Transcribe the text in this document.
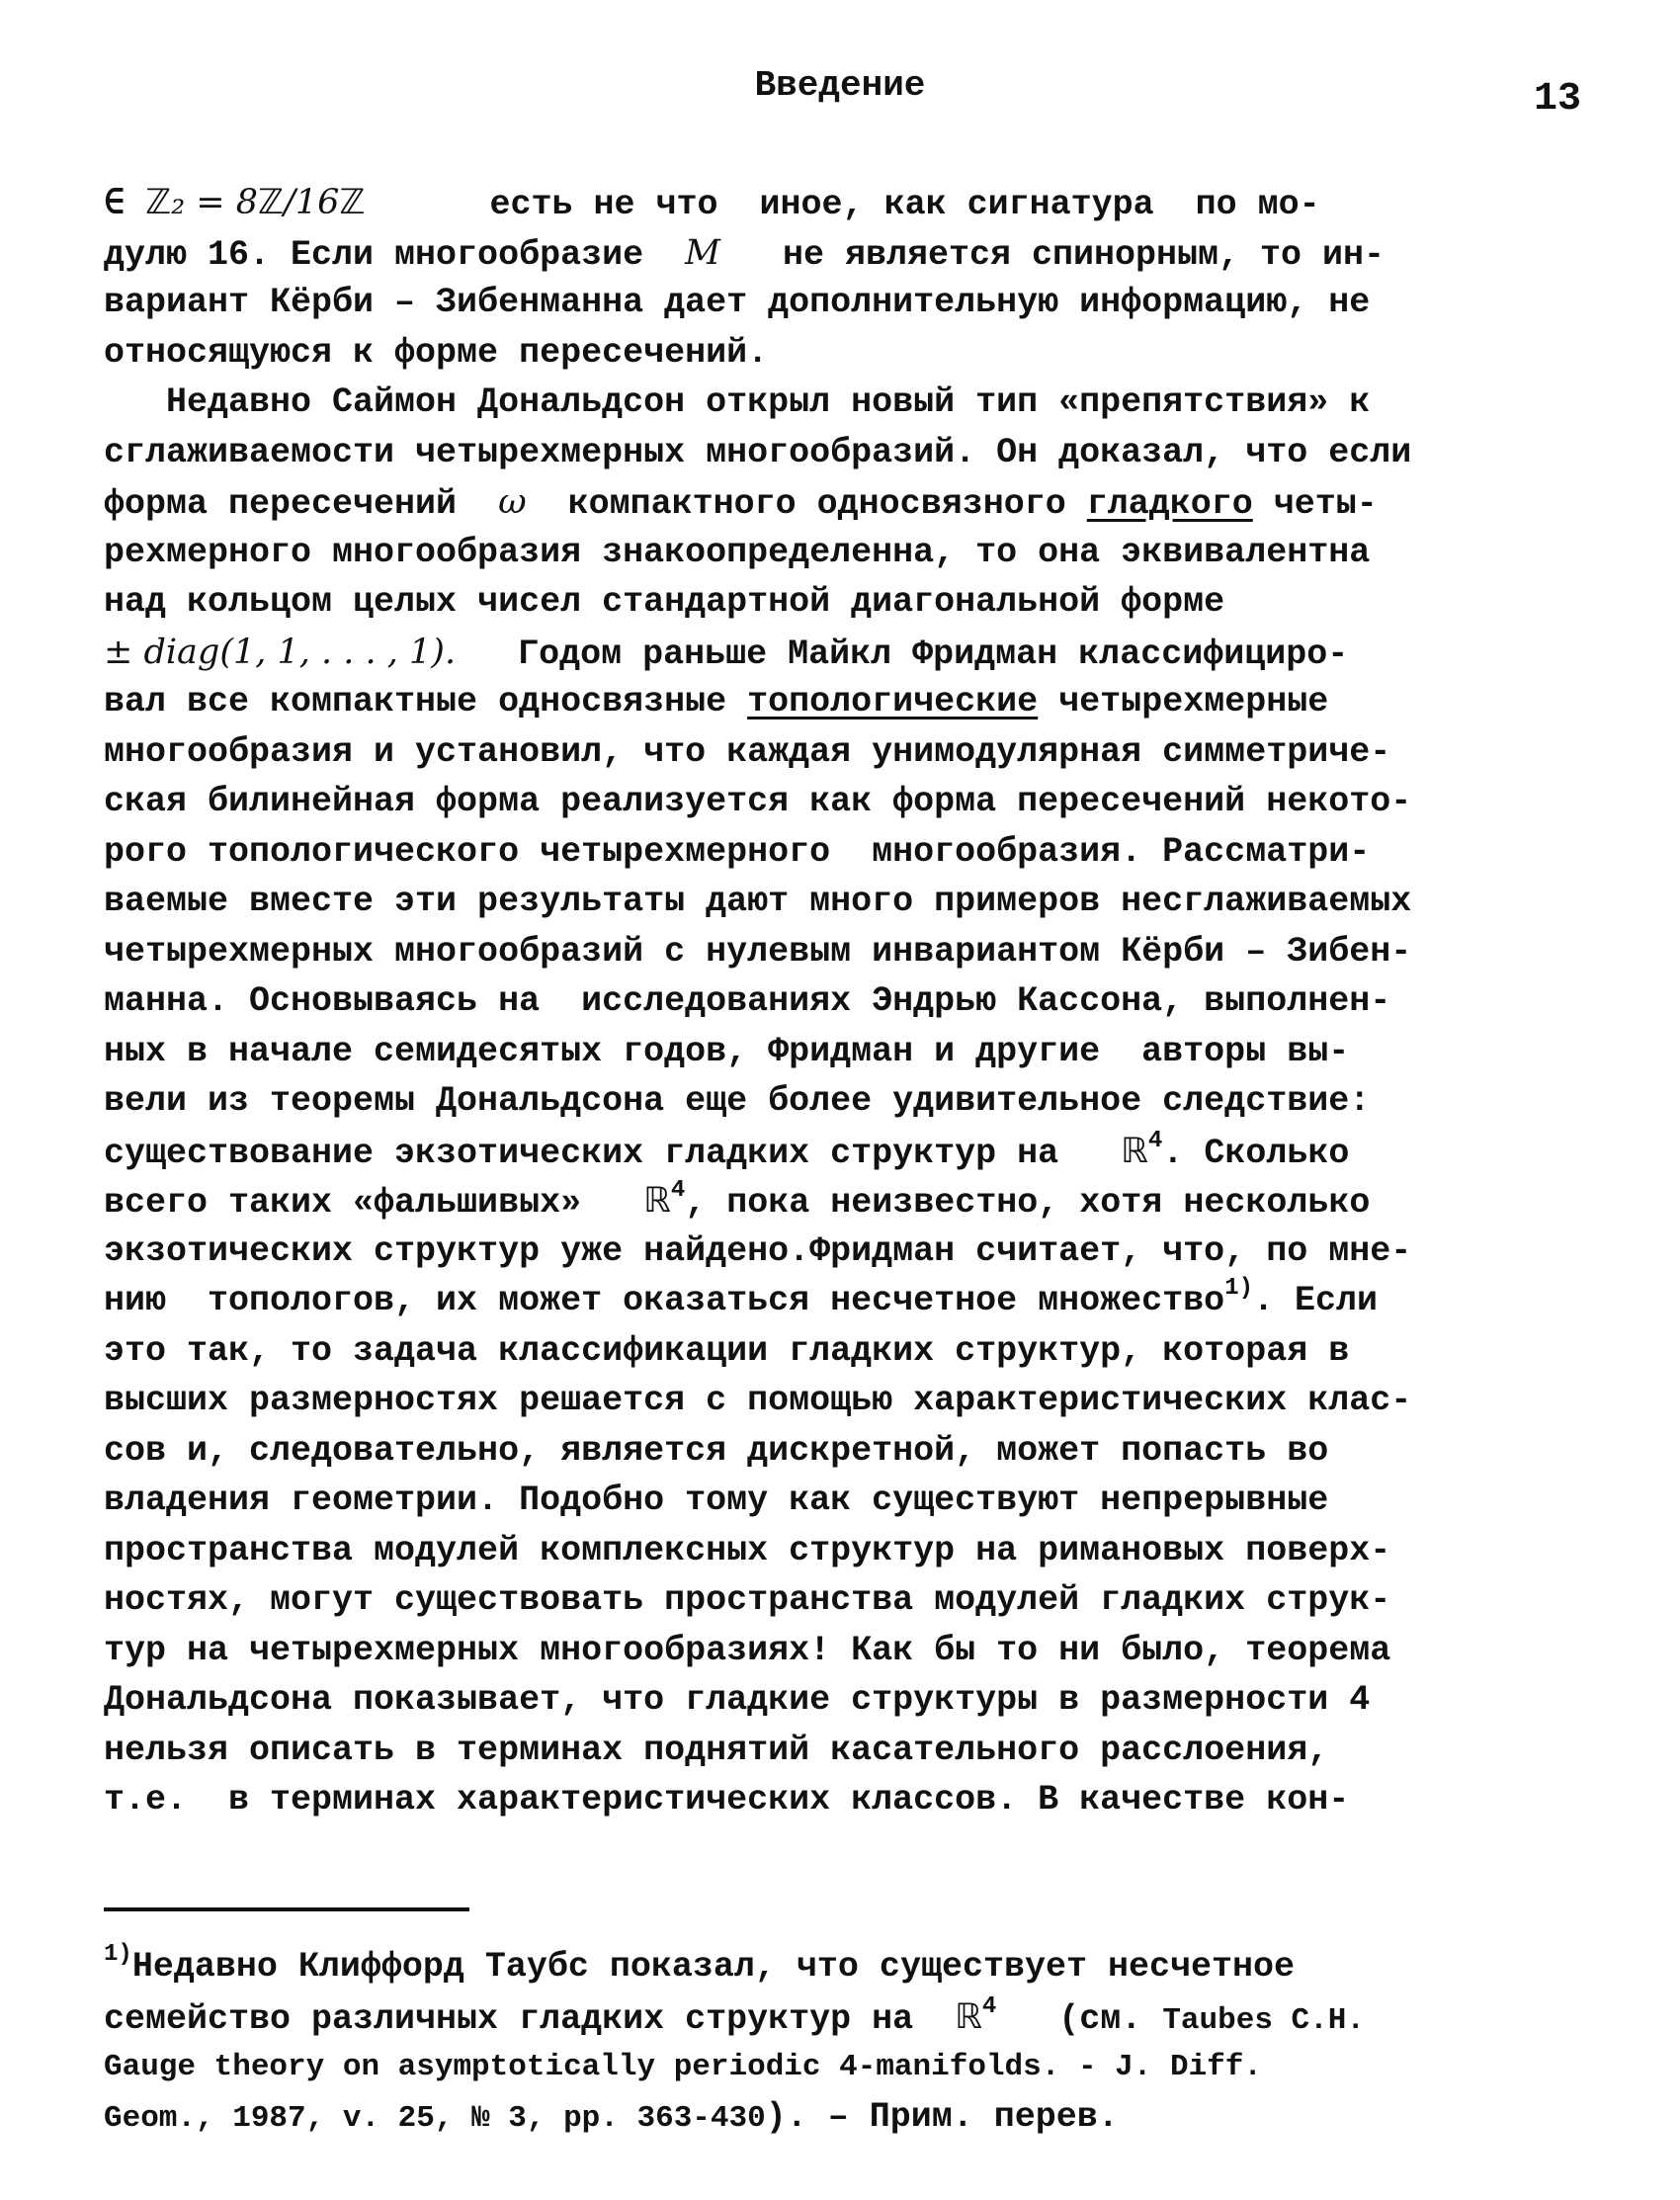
Введение	13
∈ ℤ₂ = 8ℤ/16ℤ      есть не что  иное, как сигнатура  по мо-
дулю 16. Если многообразие  M   не является спинорным, то ин-
вариант Кёрби – Зибенманна дает дополнительную информацию, не
относящуюся к форме пересечений.
Недавно Саймон Дональдсон открыл новый тип «препятствия» к
сглаживаемости четырехмерных многообразий. Он доказал, что если
форма пересечений  ω  компактного односвязного гладкого четы-
рехмерного многообразия знакоопределенна, то она эквивалентна
над кольцом целых чисел стандартной диагональной форме
± diag(1, 1, . . . , 1).   Годом раньше Майкл Фридман классифициро-
вал все компактные односвязные топологические четырехмерные
многообразия и установил, что каждая унимодулярная симметриче-
ская билинейная форма реализуется как форма пересечений некото-
рого топологического четырехмерного  многообразия. Рассматри-
ваемые вместе эти результаты дают много примеров несглаживаемых
четырехмерных многообразий с нулевым инвариантом Кёрби – Зибен-
манна. Основываясь на  исследованиях Эндрью Кассона, выполнен-
ных в начале семидесятых годов, Фридман и другие  авторы вы-
вели из теоремы Дональдсона еще более удивительное следствие:
существование экзотических гладких структур на   ℝ$^4$. Сколько
всего таких «фальшивых»   ℝ$^4$, пока неизвестно, хотя несколько
экзотических структур уже найдено.Фридман считает, что, по мне-
нию  топологов, их может оказаться несчетное множество$^{1)}$. Если
это так, то задача классификации гладких структур, которая в
высших размерностях решается с помощью характеристических клас-
сов и, следовательно, является дискретной, может попасть во
владения геометрии. Подобно тому как существуют непрерывные
пространства модулей комплексных структур на римановых поверх-
ностях, могут существовать пространства модулей гладких струк-
тур на четырехмерных многообразиях! Как бы то ни было, теорема
Дональдсона показывает, что гладкие структуры в размерности 4
нельзя описать в терминах поднятий касательного расслоения,
т.е.  в терминах характеристических классов. В качестве кон-
$^{1)}$Недавно Клиффорд Таубс показал, что существует несчетное
семейство различных гладких структур на  ℝ$^4$   (см. Taubes C.H.
Gauge theory on asymptotically periodic 4-manifolds. - J. Diff.
Geom., 1987, v. 25, № 3, pp. 363-430). – Прим. перев.
